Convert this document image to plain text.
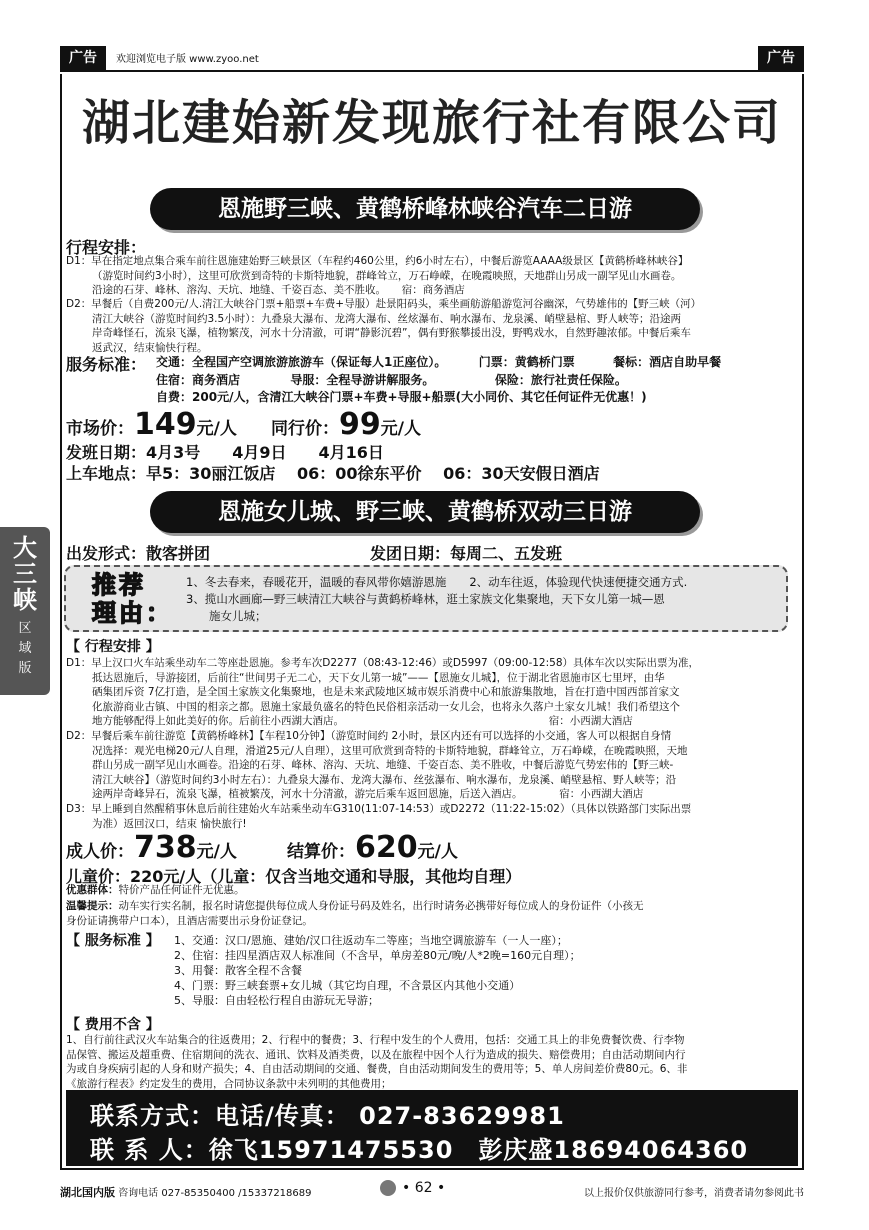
广告	欢迎浏览电子版 www.zyoo.net	广告
湖北建始新发现旅行社有限公司
恩施野三峡、黄鹤桥峰林峡谷汽车二日游
行程安排：
D1：早在指定地点集合乘车前往恩施建始野三峡景区（车程约460公里，约6小时左右），中餐后游览AAAA级景区【黄鹤桥峰林峡谷】
（游览时间约3小时），这里可欣赏到奇特的卡斯特地貌，群峰耸立，万石峥嵘，在晚霞映照，天地群山另成一副罕见山水画卷。
沿途的石芽、峰林、溶沟、天坑、地缝、千姿百态、美不胜收。　　宿：商务酒店
D2：早餐后（自费200元/人.清江大峡谷门票+船票+车费+导服）赴景阳码头，乘坐画舫游船游览河谷幽深，气势雄伟的【野三峡（河）
清江大峡谷（游览时间约3.5小时）：九叠泉大瀑布、龙湾大瀑布、丝炫瀑布、响水瀑布、龙泉溪、峭壁悬棺、野人峡等；沿途两
岸奇峰怪石，流泉飞瀑，植物繁茂，河水十分清澈，可谓“静影沉碧”，偶有野猴攀援出没，野鸭戏水，自然野趣浓郁。中餐后乘车
返武汉，结束愉快行程。
服务标准： 交通：全程国产空调旅游旅游车（保证每人1正座位）。	门票：黄鹤桥门票	餐标：酒店自助早餐
住宿：商务酒店	导服：全程导游讲解服务。	保险：旅行社责任保险。
自费：200元/人，含清江大峡谷门票+车费+导服+船票(大小同价、其它任何证件无优惠！)
市场价：149元/人 同行价：99元/人
发班日期：4月3号　　4月9日　　4月16日
上车地点：早5：30丽江饭店　 06：00徐东平价　 06：30天安假日酒店
大
三
峡
区
域
版
恩施女儿城、野三峡、黄鹤桥双动三日游
出发形式：散客拼团	发团日期：每周二、五发班
推荐
理由：
1、冬去春来，春暖花开，温暖的春风带你嬉游恩施　　2、动车往返，体验现代快速便捷交通方式.
3、揽山水画廊—野三峡清江大峡谷与黄鹤桥峰林，逛土家族文化集聚地，天下女儿第一城—恩
　　施女儿城；
【 行程安排 】
D1：早上汉口火车站乘坐动车二等座赴恩施。参考车次D2277（08:43-12:46）或D5997（09:00-12:58）具体车次以实际出票为准，
抵达恩施后，导游接团，后前往“世间男子无二心，天下女儿第一城”——【恩施女儿城】，位于湖北省恩施市区七里坪，由华
硒集团斥资 7亿打造，是全国土家族文化集聚地，也是未来武陵地区城市娱乐消费中心和旅游集散地，旨在打造中国西部首家文
化旅游商业古镇、中国的相亲之都。恩施土家最负盛名的特色民俗相亲活动一女儿会，也将永久落户土家女儿城！我们希望这个
地方能够配得上如此美好的你。后前往小西湖大酒店。　　　　　　　　　　　　　　　　　　　　宿：小西湖大酒店
D2：早餐后乘车前往游览【黄鹤桥峰林】【车程10分钟】（游览时间约 2小时，景区内还有可以选择的小交通，客人可以根据自身情
况选择：观光电梯20元/人自理，滑道25元/人自理），这里可欣赏到奇特的卡斯特地貌，群峰耸立，万石峥嵘，在晚霞映照，天地
群山另成一副罕见山水画卷。沿途的石芽、峰林、溶沟、天坑、地缝、千姿百态、美不胜收，中餐后游览气势宏伟的【野三峡-
清江大峡谷】（游览时间约3小时左右）：九叠泉大瀑布、龙湾大瀑布、丝弦瀑布、响水瀑布，龙泉溪、峭壁悬棺、野人峡等；沿
途两岸奇峰异石，流泉飞瀑，植被繁茂，河水十分清澈，游完后乘车返回恩施，后送入酒店。　　　　宿：小西湖大酒店
D3：早上睡到自然醒稍事休息后前往建始火车站乘坐动车G310(11:07-14:53）或D2272（11:22-15:02）（具体以铁路部门实际出票
为准）返回汉口，结束 愉快旅行!
成人价：738元/人	结算价：620元/人
儿童价：220元/人（儿童：仅含当地交通和导服，其他均自理）
优惠群体：特价产品任何证件无优惠。
温馨提示：动车实行实名制，报名时请您提供每位成人身份证号码及姓名，出行时请务必携带好每位成人的身份证件（小孩无
身份证请携带户口本），且酒店需要出示身份证登记。
【 服务标准 】 1、交通：汉口/恩施、建始/汉口往返动车二等座；当地空调旅游车（一人一座）；
2、住宿：挂四星酒店双人标准间（不含早，单房差80元/晚/人*2晚=160元自理）；
3、用餐：散客全程不含餐
4、门票：野三峡套票+女儿城（其它均自理，不含景区内其他小交通）
5、导服：自由轻松行程自由游玩无导游；
【 费用不含 】
1、自行前往武汉火车站集合的往返费用；2、行程中的餐费；3、行程中发生的个人费用，包括：交通工具上的非免费餐饮费、行李物
品保管、搬运及超重费、住宿期间的洗衣、通讯、饮料及酒类费，以及在旅程中因个人行为造成的损失、赔偿费用；自由活动期间内行
为或自身疾病引起的人身和财产损失；4、自由活动期间的交通、餐费，自由活动期间发生的费用等；5、单人房间差价费80元。6、非
《旅游行程表》约定发生的费用，合同协议条款中未列明的其他费用；
联系方式：电话/传真： 027-83629981
联 系 人：徐飞15971475530　彭庆盛18694064360
湖北国内版 咨询电话 027-85350400 /15337218689	• 62 •	以上报价仅供旅游同行参考，消费者请勿参阅此书
